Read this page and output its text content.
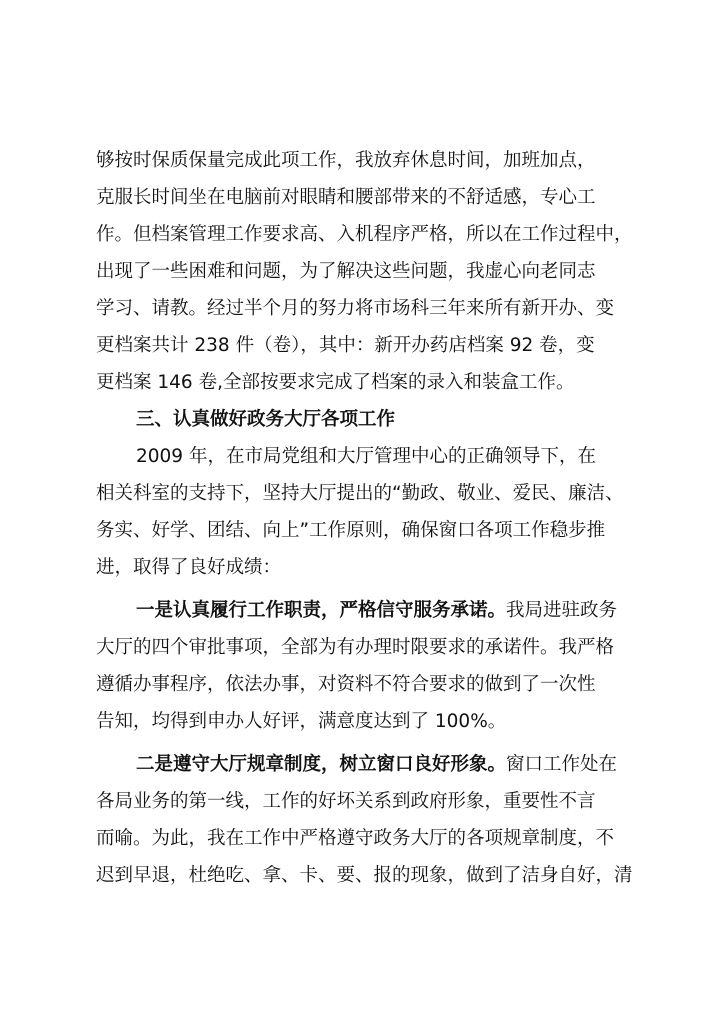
够按时保质保量完成此项工作，我放弃休息时间，加班加点，
克服长时间坐在电脑前对眼睛和腰部带来的不舒适感，专心工
作。但档案管理工作要求高、入机程序严格，所以在工作过程中，
出现了一些困难和问题，为了解决这些问题，我虚心向老同志
学习、请教。经过半个月的努力将市场科三年来所有新开办、变
更档案共计 238 件（卷），其中：新开办药店档案 92 卷，变
更档案 146 卷,全部按要求完成了档案的录入和装盒工作。
三、认真做好政务大厅各项工作
2009 年，在市局党组和大厅管理中心的正确领导下，在
相关科室的支持下，坚持大厅提出的“勤政、敬业、爱民、廉洁、
务实、好学、团结、向上”工作原则，确保窗口各项工作稳步推
进，取得了良好成绩：
一是认真履行工作职责，严格信守服务承诺。我局进驻政务
大厅的四个审批事项，全部为有办理时限要求的承诺件。我严格
遵循办事程序，依法办事，对资料不符合要求的做到了一次性
告知，均得到申办人好评，满意度达到了 100%。
二是遵守大厅规章制度，树立窗口良好形象。窗口工作处在
各局业务的第一线，工作的好坏关系到政府形象，重要性不言
而喻。为此，我在工作中严格遵守政务大厅的各项规章制度，不
迟到早退，杜绝吃、拿、卡、要、报的现象，做到了洁身自好，清
